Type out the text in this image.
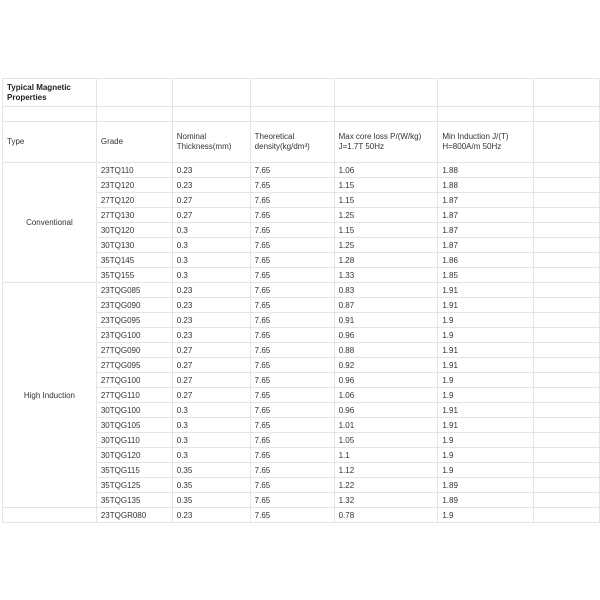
Typical Magnetic Properties						

Type	Grade	Nominal Thickness(mm)	Theoretical density(kg/dm³)	Max core loss P/(W/kg) J=1.7T 50Hz	Min Induction J/(T) H=800A/m 50Hz	
Conventional	23TQ110	0.23	7.65	1.06	1.88	
	23TQ120	0.23	7.65	1.15	1.88	
	27TQ120	0.27	7.65	1.15	1.87	
	27TQ130	0.27	7.65	1.25	1.87	
	30TQ120	0.3	7.65	1.15	1.87	
	30TQ130	0.3	7.65	1.25	1.87	
	35TQ145	0.3	7.65	1.28	1.86	
	35TQ155	0.3	7.65	1.33	1.85	
High Induction	23TQG085	0.23	7.65	0.83	1.91	
	23TQG090	0.23	7.65	0.87	1.91	
	23TQG095	0.23	7.65	0.91	1.9	
	23TQG100	0.23	7.65	0.96	1.9	
	27TQG090	0.27	7.65	0.88	1.91	
	27TQG095	0.27	7.65	0.92	1.91	
	27TQG100	0.27	7.65	0.96	1.9	
	27TQG110	0.27	7.65	1.06	1.9	
	30TQG100	0.3	7.65	0.96	1.91	
	30TQG105	0.3	7.65	1.01	1.91	
	30TQG110	0.3	7.65	1.05	1.9	
	30TQG120	0.3	7.65	1.1	1.9	
	35TQG115	0.35	7.65	1.12	1.9	
	35TQG125	0.35	7.65	1.22	1.89	
	35TQG135	0.35	7.65	1.32	1.89	
	23TQGR080	0.23	7.65	0.78	1.9	
